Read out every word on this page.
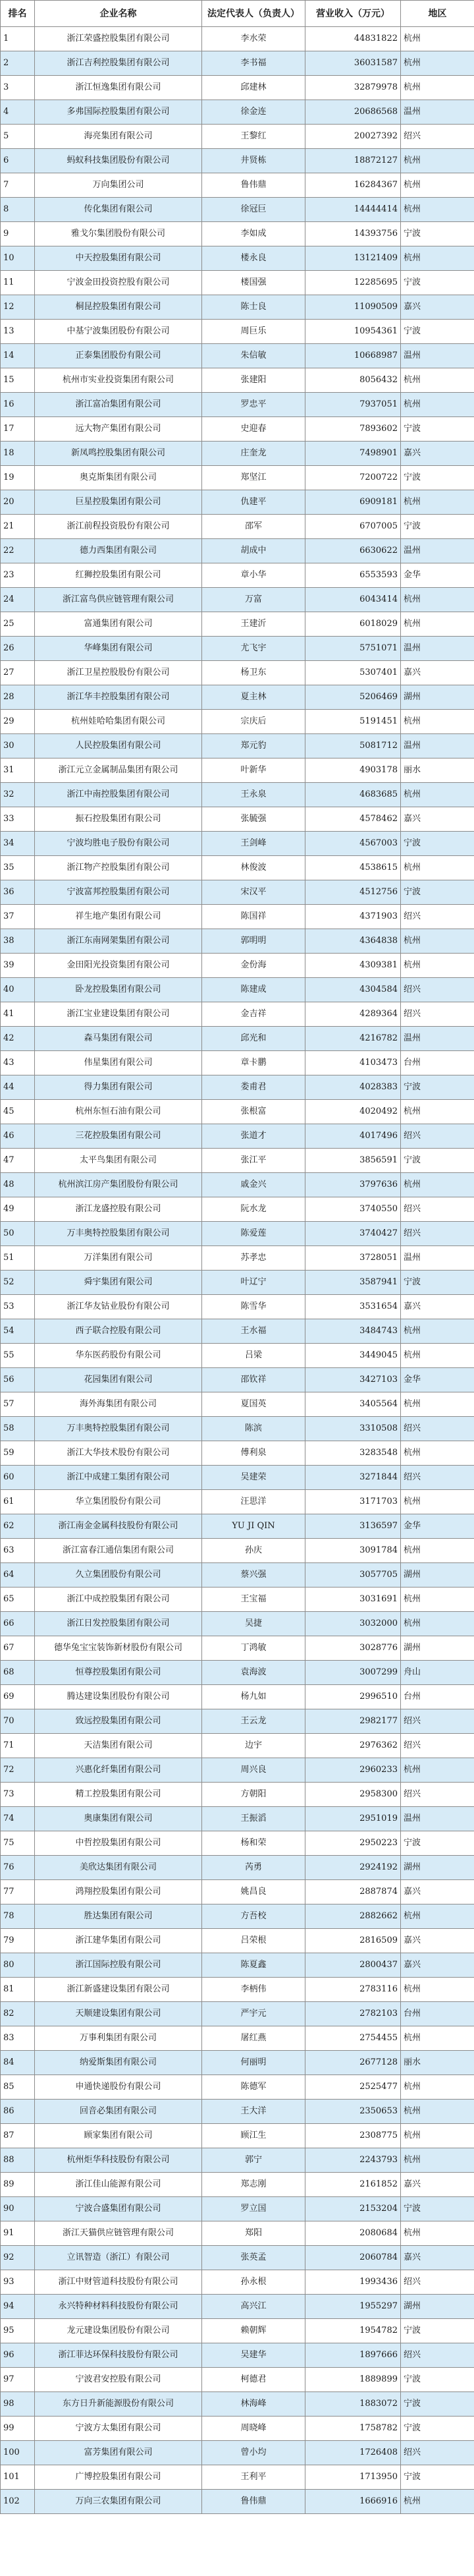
排名	企业名称	法定代表人（负责人）	营业收入（万元）	地区
1	浙江荣盛控股集团有限公司	李水荣	44831822	杭州
2	浙江吉利控股集团有限公司	李书福	36031587	杭州
3	浙江恒逸集团有限公司	邱建林	32879978	杭州
4	多弗国际控股集团有限公司	徐金连	20686568	温州
5	海亮集团有限公司	王黎红	20027392	绍兴
6	蚂蚁科技集团股份有限公司	井贤栋	18872127	杭州
7	万向集团公司	鲁伟鼎	16284367	杭州
8	传化集团有限公司	徐冠巨	14444414	杭州
9	雅戈尔集团股份有限公司	李如成	14393756	宁波
10	中天控股集团有限公司	楼永良	13121409	杭州
11	宁波金田投资控股有限公司	楼国强	12285695	宁波
12	桐昆控股集团有限公司	陈士良	11090509	嘉兴
13	中基宁波集团股份有限公司	周巨乐	10954361	宁波
14	正泰集团股份有限公司	朱信敏	10668987	温州
15	杭州市实业投资集团有限公司	张建阳	8056432	杭州
16	浙江富冶集团有限公司	罗忠平	7937051	杭州
17	远大物产集团有限公司	史迎春	7893602	宁波
18	新凤鸣控股集团有限公司	庄奎龙	7498901	嘉兴
19	奥克斯集团有限公司	郑坚江	7200722	宁波
20	巨星控股集团有限公司	仇建平	6909181	杭州
21	浙江前程投资股份有限公司	邵军	6707005	宁波
22	德力西集团有限公司	胡成中	6630622	温州
23	红狮控股集团有限公司	章小华	6553593	金华
24	浙江富鸟供应链管理有限公司	万富	6043414	杭州
25	富通集团有限公司	王建沂	6018029	杭州
26	华峰集团有限公司	尤飞宇	5751071	温州
27	浙江卫星控股股份有限公司	杨卫东	5307401	嘉兴
28	浙江华丰控股集团有限公司	夏主林	5206469	湖州
29	杭州娃哈哈集团有限公司	宗庆后	5191451	杭州
30	人民控股集团有限公司	郑元豹	5081712	温州
31	浙江元立金属制品集团有限公司	叶新华	4903178	丽水
32	浙江中南控股集团有限公司	王永泉	4683685	杭州
33	振石控股集团有限公司	张毓强	4578462	嘉兴
34	宁波均胜电子股份有限公司	王剑峰	4567003	宁波
35	浙江物产控股集团有限公司	林俊波	4538615	杭州
36	宁波富邦控股集团有限公司	宋汉平	4512756	宁波
37	祥生地产集团有限公司	陈国祥	4371903	绍兴
38	浙江东南网架集团有限公司	郭明明	4364838	杭州
39	金田阳光投资集团有限公司	金份海	4309381	杭州
40	卧龙控股集团有限公司	陈建成	4304584	绍兴
41	浙江宝业建设集团有限公司	金吉祥	4289364	绍兴
42	森马集团有限公司	邱光和	4216782	温州
43	伟星集团有限公司	章卡鹏	4103473	台州
44	得力集团有限公司	娄甫君	4028383	宁波
45	杭州东恒石油有限公司	张根富	4020492	杭州
46	三花控股集团有限公司	张道才	4017496	绍兴
47	太平鸟集团有限公司	张江平	3856591	宁波
48	杭州滨江房产集团股份有限公司	戚金兴	3797636	杭州
49	浙江龙盛控股有限公司	阮水龙	3740550	绍兴
50	万丰奥特控股集团有限公司	陈爱莲	3740427	绍兴
51	万洋集团有限公司	苏孝忠	3728051	温州
52	舜宇集团有限公司	叶辽宁	3587941	宁波
53	浙江华友钴业股份有限公司	陈雪华	3531654	嘉兴
54	西子联合控股有限公司	王水福	3484743	杭州
55	华东医药股份有限公司	吕梁	3449045	杭州
56	花园集团有限公司	邵钦祥	3427103	金华
57	海外海集团有限公司	夏国英	3405564	杭州
58	万丰奥特控股集团有限公司	陈滨	3310508	绍兴
59	浙江大华技术股份有限公司	傅利泉	3283548	杭州
60	浙江中成建工集团有限公司	吴建荣	3271844	绍兴
61	华立集团股份有限公司	汪思洋	3171703	杭州
62	浙江南金金属科技股份有限公司	YU JI QIN	3136597	金华
63	浙江富春江通信集团有限公司	孙庆	3091784	杭州
64	久立集团股份有限公司	蔡兴强	3057705	湖州
65	浙江中成控股集团有限公司	王宝福	3031691	杭州
66	浙江日发控股集团有限公司	吴捷	3032000	杭州
67	德华兔宝宝装饰新材股份有限公司	丁鸿敏	3028776	湖州
68	恒尊控股集团有限公司	袁海波	3007299	舟山
69	腾达建设集团股份有限公司	杨九如	2996510	台州
70	致远控股集团有限公司	王云龙	2982177	绍兴
71	天洁集团有限公司	边宇	2976362	绍兴
72	兴惠化纤集团有限公司	周兴良	2960233	杭州
73	精工控股集团有限公司	方朝阳	2958300	绍兴
74	奥康集团有限公司	王振滔	2951019	温州
75	中哲控股集团有限公司	杨和荣	2950223	宁波
76	美欣达集团有限公司	芮勇	2924192	湖州
77	鸿翔控股集团有限公司	姚昌良	2887874	嘉兴
78	胜达集团有限公司	方吾校	2882662	杭州
79	浙江建华集团有限公司	吕荣根	2816509	嘉兴
80	浙江国际控股有限公司	陈夏鑫	2800437	嘉兴
81	浙江新盛建设集团有限公司	李柄伟	2783116	杭州
82	天顺建设集团有限公司	严宇元	2782103	台州
83	万事利集团有限公司	屠红燕	2754455	杭州
84	纳爱斯集团有限公司	何丽明	2677128	丽水
85	申通快递股份有限公司	陈德军	2525477	杭州
86	回音必集团有限公司	王大洋	2350653	杭州
87	顾家集团有限公司	顾江生	2308775	杭州
88	杭州炬华科技股份有限公司	郭宁	2243793	杭州
89	浙江佳山能源有限公司	郑志刚	2161852	嘉兴
90	宁波合盛集团有限公司	罗立国	2153204	宁波
91	浙江天猫供应链管理有限公司	郑阳	2080684	杭州
92	立讯智造（浙江）有限公司	张英孟	2060784	嘉兴
93	浙江中财管道科技股份有限公司	孙永根	1993436	绍兴
94	永兴特种材料科技股份有限公司	高兴江	1955297	湖州
95	龙元建设集团股份有限公司	赖朝辉	1954782	宁波
96	浙江菲达环保科技股份有限公司	吴建华	1897666	绍兴
97	宁波君安控股有限公司	柯德君	1889899	宁波
98	东方日升新能源股份有限公司	林海峰	1883072	宁波
99	宁波方太集团有限公司	周晓峰	1758782	宁波
100	富芳集团有限公司	曾小均	1726408	绍兴
101	广博控股集团有限公司	王利平	1713950	宁波
102	万向三农集团有限公司	鲁伟鼎	1666916	杭州
